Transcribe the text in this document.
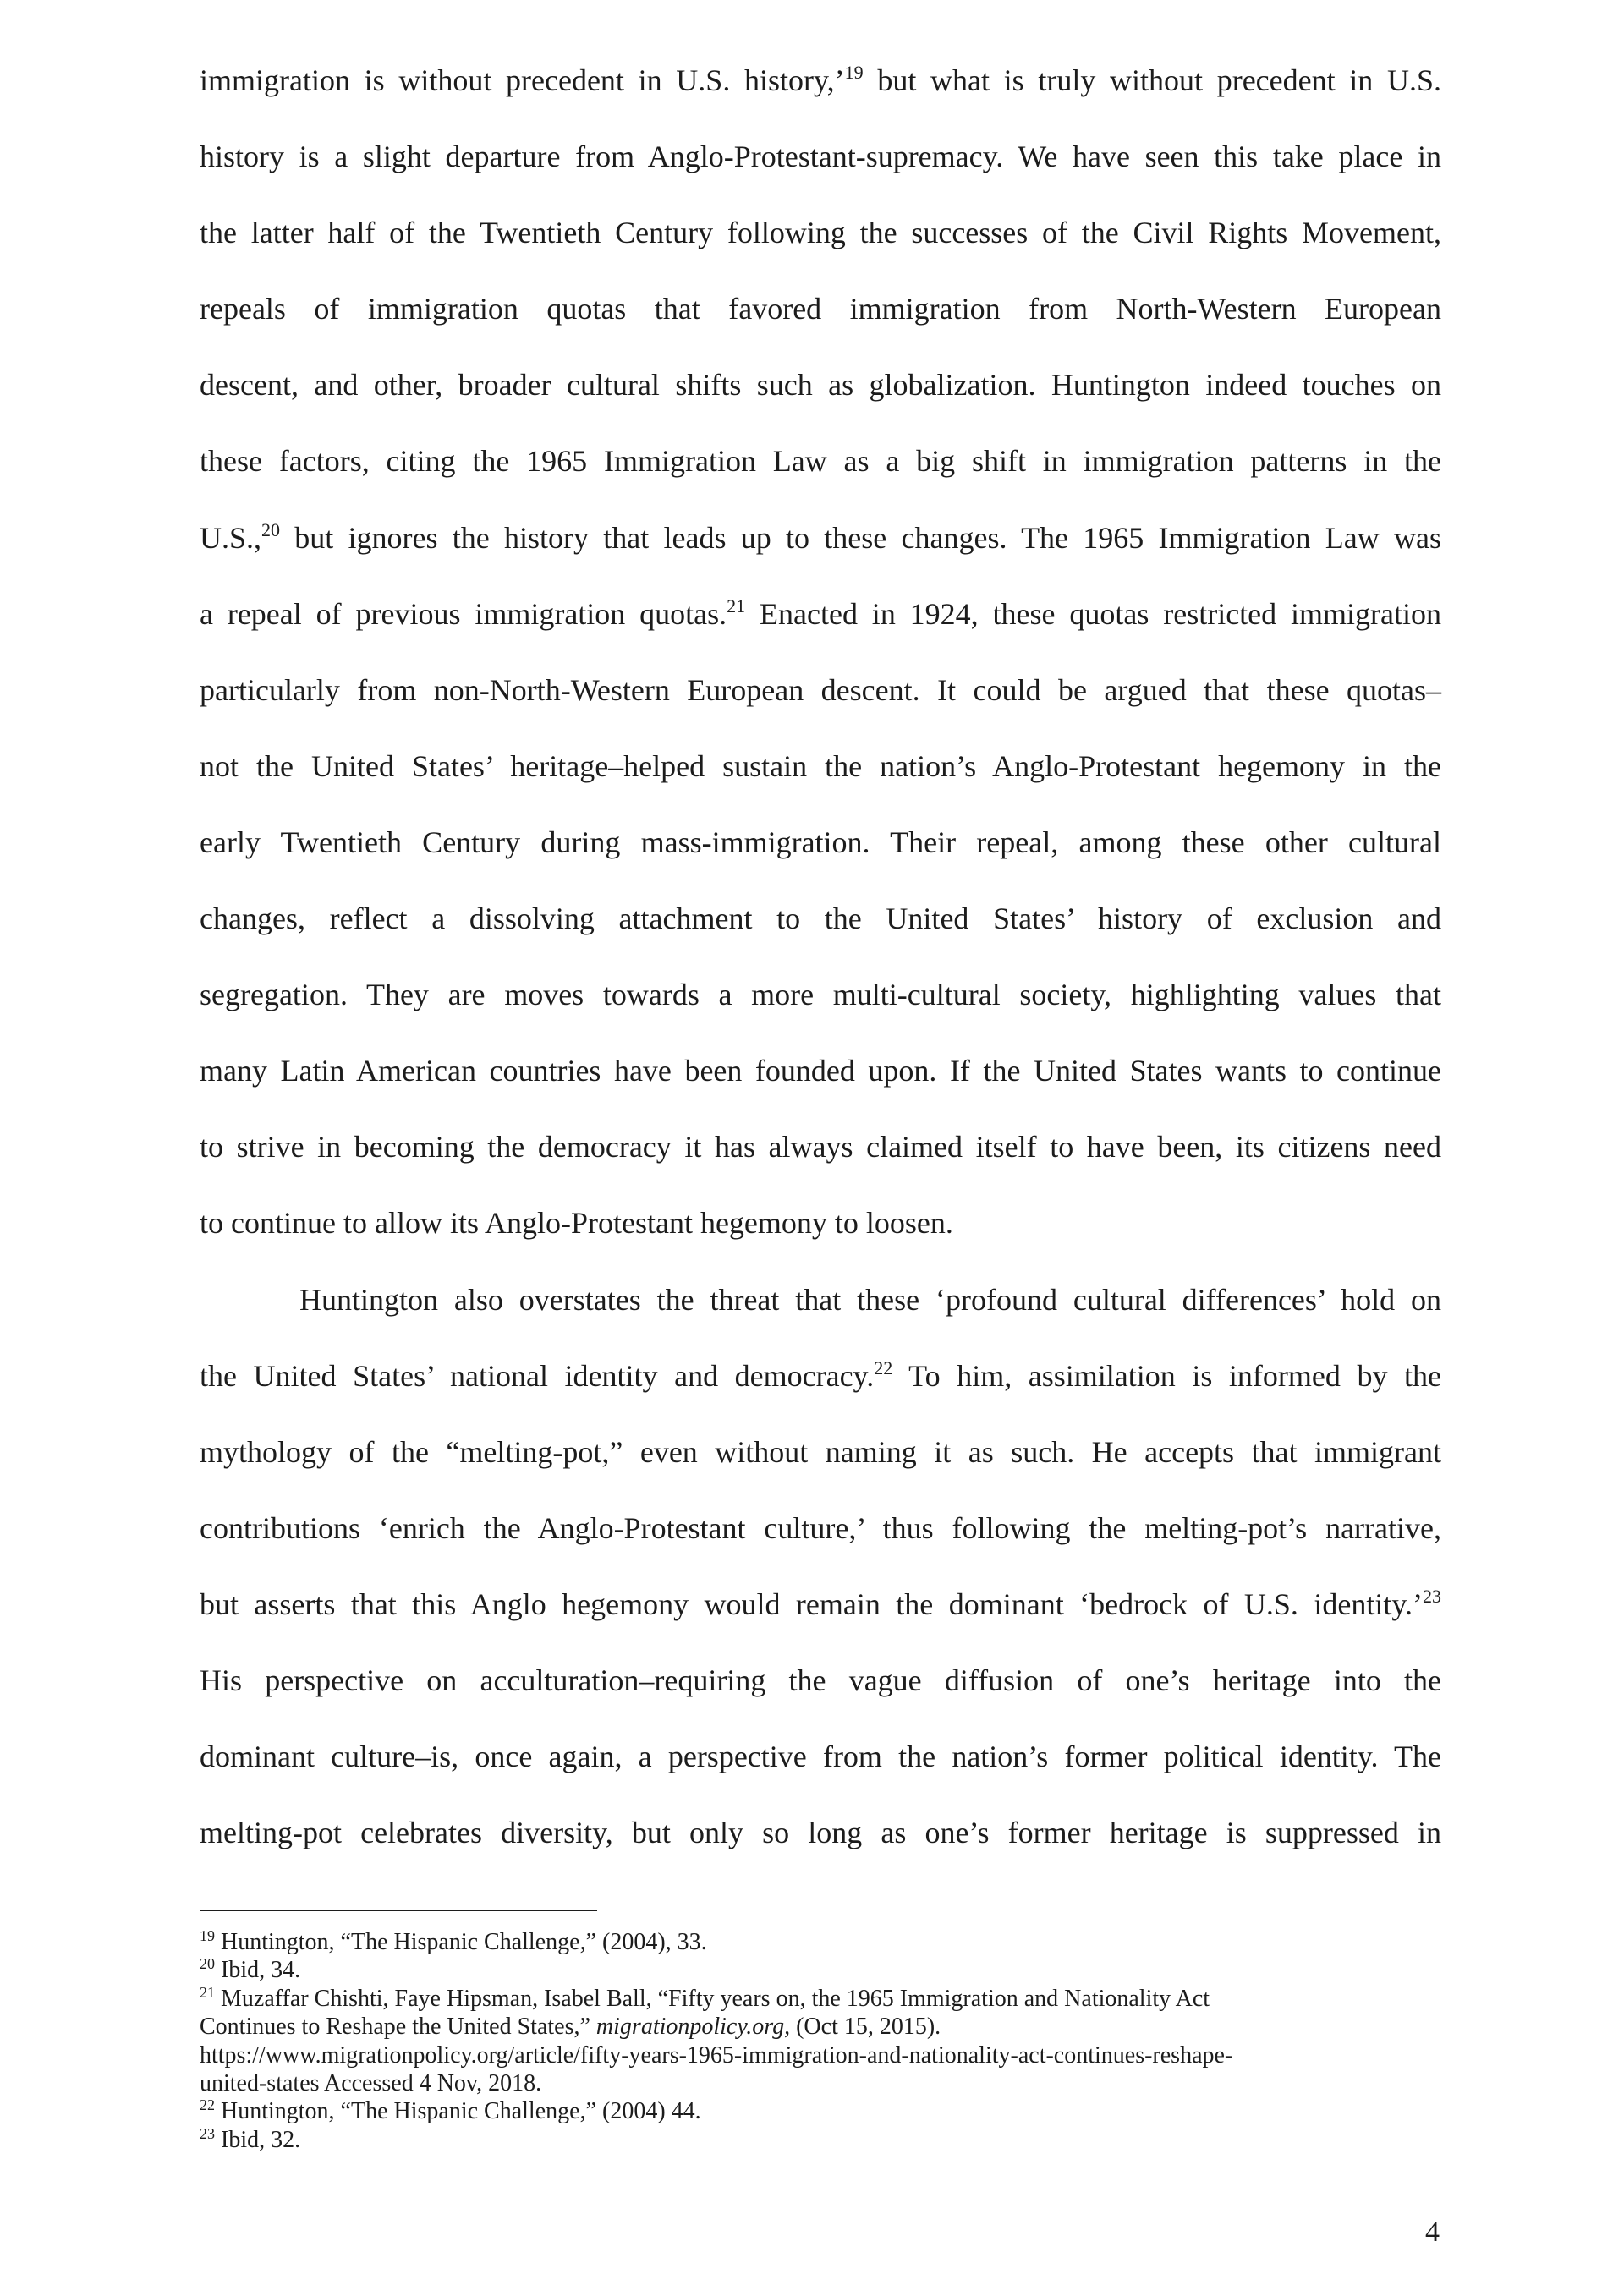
immigration is without precedent in U.S. history,’$^{19}$ but what is truly without precedent in U.S.
history is a slight departure from Anglo-Protestant-supremacy. We have seen this take place in
the latter half of the Twentieth Century following the successes of the Civil Rights Movement,
repeals of immigration quotas that favored immigration from North-Western European
descent, and other, broader cultural shifts such as globalization. Huntington indeed touches on
these factors, citing the 1965 Immigration Law as a big shift in immigration patterns in the
U.S.,$^{20}$ but ignores the history that leads up to these changes. The 1965 Immigration Law was
a repeal of previous immigration quotas.$^{21}$ Enacted in 1924, these quotas restricted immigration
particularly from non-North-Western European descent. It could be argued that these quotas–
not the United States’ heritage–helped sustain the nation’s Anglo-Protestant hegemony in the
early Twentieth Century during mass-immigration. Their repeal, among these other cultural
changes, reflect a dissolving attachment to the United States’ history of exclusion and
segregation. They are moves towards a more multi-cultural society, highlighting values that
many Latin American countries have been founded upon. If the United States wants to continue
to strive in becoming the democracy it has always claimed itself to have been, its citizens need
to continue to allow its Anglo-Protestant hegemony to loosen.
Huntington also overstates the threat that these ‘profound cultural differences’ hold on
the United States’ national identity and democracy.$^{22}$ To him, assimilation is informed by the
mythology of the “melting-pot,” even without naming it as such. He accepts that immigrant
contributions ‘enrich the Anglo-Protestant culture,’ thus following the melting-pot’s narrative,
but asserts that this Anglo hegemony would remain the dominant ‘bedrock of U.S. identity.’$^{23}$
His perspective on acculturation–requiring the vague diffusion of one’s heritage into the
dominant culture–is, once again, a perspective from the nation’s former political identity. The
melting-pot celebrates diversity, but only so long as one’s former heritage is suppressed in
$^{19}$ Huntington, “The Hispanic Challenge,” (2004), 33.
$^{20}$ Ibid, 34.
$^{21}$ Muzaffar Chishti, Faye Hipsman, Isabel Ball, “Fifty years on, the 1965 Immigration and Nationality Act
Continues to Reshape the United States,” migrationpolicy.org, (Oct 15, 2015).
https://www.migrationpolicy.org/article/fifty-years-1965-immigration-and-nationality-act-continues-reshape-
united-states Accessed 4 Nov, 2018.
$^{22}$ Huntington, “The Hispanic Challenge,” (2004) 44.
$^{23}$ Ibid, 32.
4
